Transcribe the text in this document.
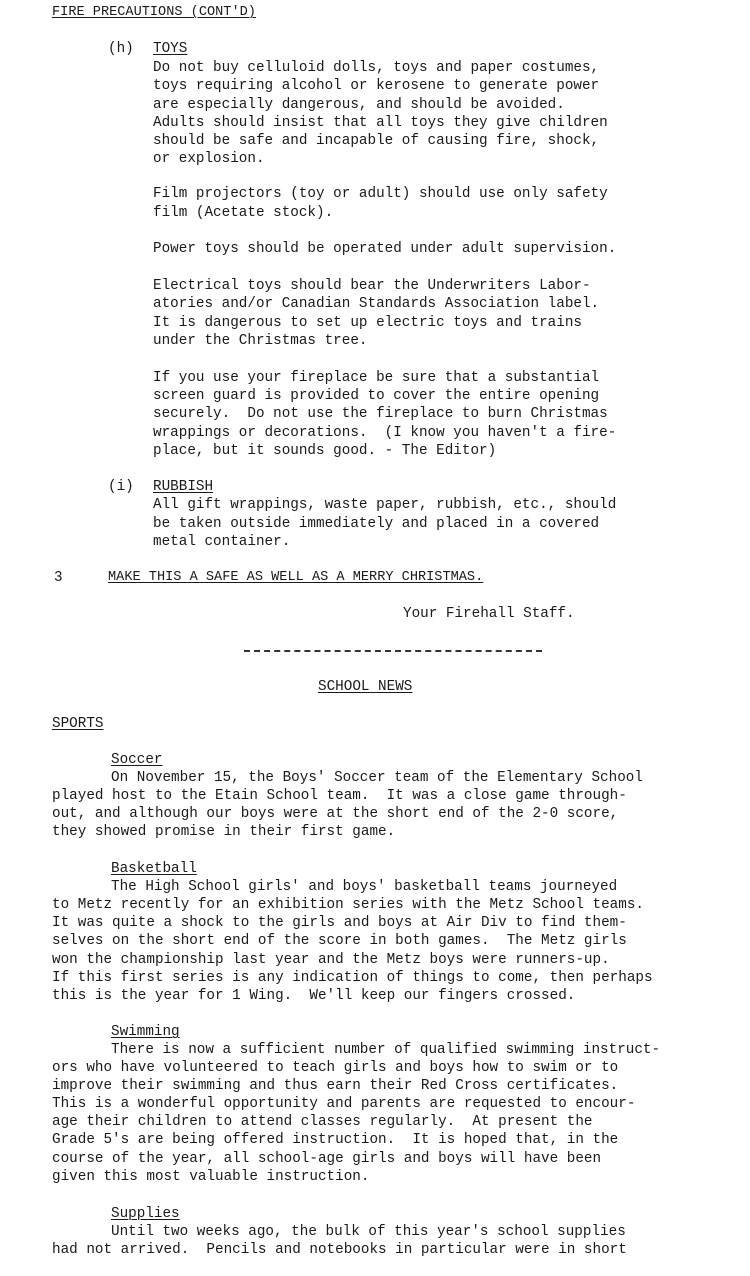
FIRE PRECAUTIONS (CONT'D)
(h) TOYS
Do not buy celluloid dolls, toys and paper costumes,
toys requiring alcohol or kerosene to generate power
are especially dangerous, and should be avoided.
Adults should insist that all toys they give children
should be safe and incapable of causing fire, shock,
or explosion.
Film projectors (toy or adult) should use only safety
film (Acetate stock).
Power toys should be operated under adult supervision.
Electrical toys should bear the Underwriters Labor-
atories and/or Canadian Standards Association label.
It is dangerous to set up electric toys and trains
under the Christmas tree.
If you use your fireplace be sure that a substantial
screen guard is provided to cover the entire opening
securely.  Do not use the fireplace to burn Christmas
wrappings or decorations.  (I know you haven't a fire-
place, but it sounds good. - The Editor)
(i) RUBBISH
All gift wrappings, waste paper, rubbish, etc., should
be taken outside immediately and placed in a covered
metal container.
3	MAKE THIS A SAFE AS WELL AS A MERRY CHRISTMAS.
Your Firehall Staff.
SCHOOL NEWS
SPORTS
Soccer
On November 15, the Boys' Soccer team of the Elementary School
played host to the Etain School team.  It was a close game through-
out, and although our boys were at the short end of the 2-0 score,
they showed promise in their first game.
Basketball
The High School girls' and boys' basketball teams journeyed
to Metz recently for an exhibition series with the Metz School teams.
It was quite a shock to the girls and boys at Air Div to find them-
selves on the short end of the score in both games.  The Metz girls
won the championship last year and the Metz boys were runners-up.
If this first series is any indication of things to come, then perhaps
this is the year for 1 Wing.  We'll keep our fingers crossed.
Swimming
There is now a sufficient number of qualified swimming instruct-
ors who have volunteered to teach girls and boys how to swim or to
improve their swimming and thus earn their Red Cross certificates.
This is a wonderful opportunity and parents are requested to encour-
age their children to attend classes regularly.  At present the
Grade 5's are being offered instruction.  It is hoped that, in the
course of the year, all school-age girls and boys will have been
given this most valuable instruction.
Supplies
Until two weeks ago, the bulk of this year's school supplies
had not arrived.  Pencils and notebooks in particular were in short
